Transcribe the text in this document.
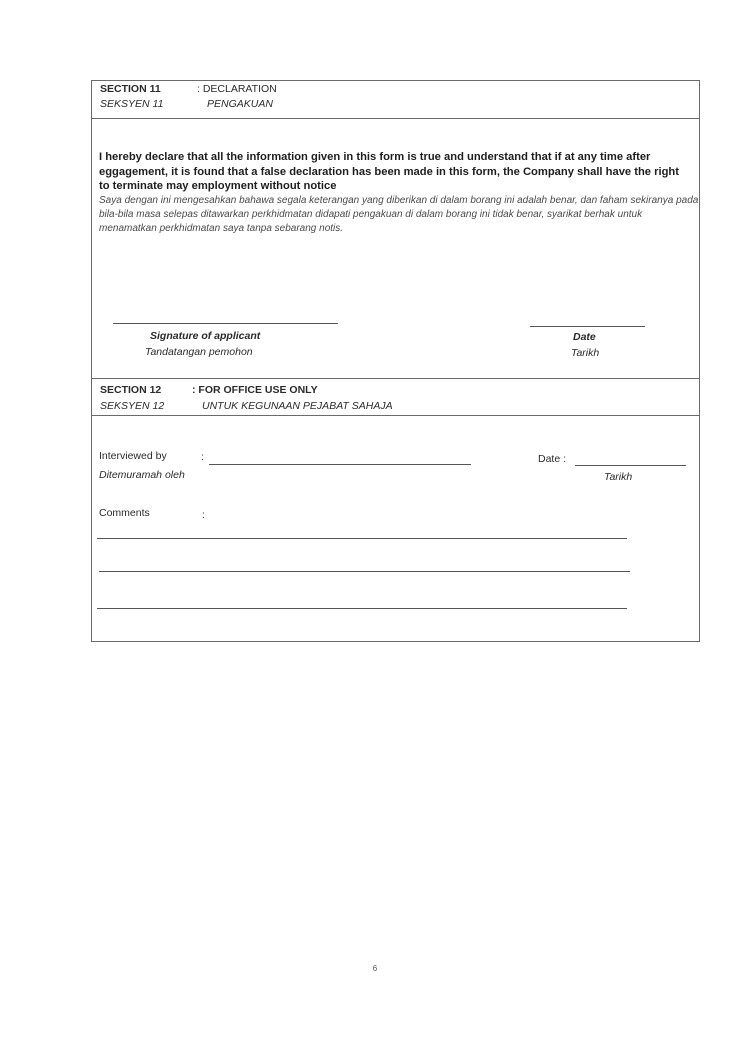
SECTION 11	: DECLARATION
SEKSYEN 11	PENGAKUAN
I hereby declare that all the information given in this form is true and understand that if at any time after eggagement, it is found that a false declaration has been made in this form, the Company shall have the right to terminate may employment without notice
Saya dengan ini mengesahkan bahawa segala keterangan yang diberikan di dalam borang ini adalah benar, dan faham sekiranya pada bila-bila masa selepas ditawarkan perkhidmatan didapati pengakuan di dalam borang ini tidak benar, syarikat berhak untuk menamatkan perkhidmatan saya tanpa sebarang notis.
Signature of applicant
Tandatangan pemohon
Date
Tarikh
SECTION 12	: FOR OFFICE USE ONLY
SEKSYEN 12	UNTUK KEGUNAAN PEJABAT SAHAJA
Interviewed by	:
Ditemuramah oleh
Date :
Tarikh
Comments	:
6
